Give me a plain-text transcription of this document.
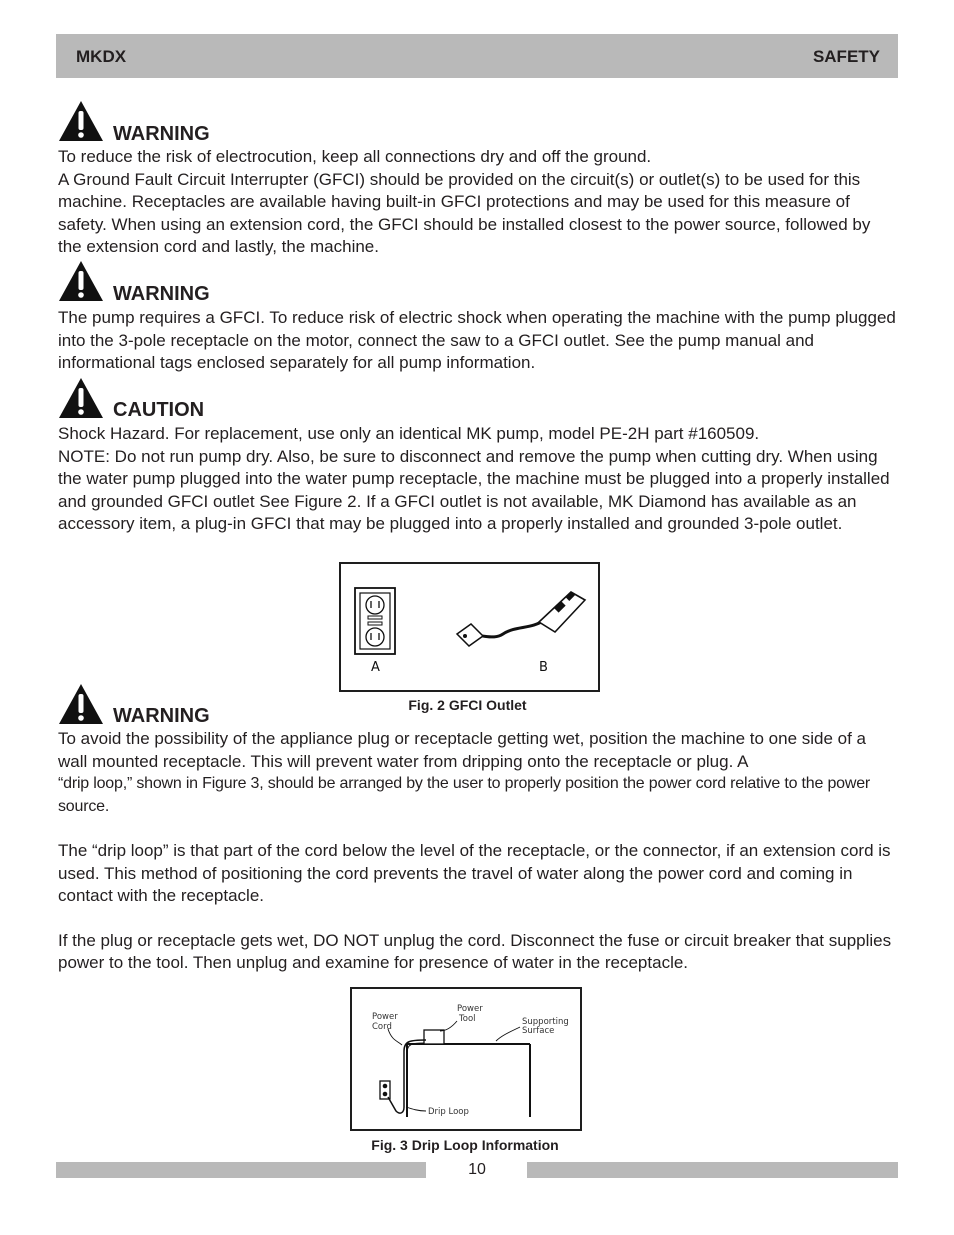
MKDX	SAFETY
WARNING

To reduce the risk of electrocution, keep all connections dry and off the ground.

A Ground Fault Circuit Interrupter (GFCI) should be provided on the circuit(s) or outlet(s) to be used for this machine. Receptacles are available having built-in GFCI protections and may be used for this measure of safety. When using an extension cord, the GFCI should be installed closest to the power source, followed by the extension cord and lastly, the machine.

WARNING

The pump requires a GFCI. To reduce risk of electric shock when operating the machine with the pump plugged into the 3-pole receptacle on the motor, connect the saw to a GFCI outlet. See the pump manual and informational tags enclosed separately for all pump information.

CAUTION

Shock Hazard. For replacement, use only an identical MK pump, model PE-2H part #160509.

NOTE: Do not run pump dry. Also, be sure to disconnect and remove the pump when cutting dry. When using the water pump plugged into the water pump receptacle, the machine must be plugged into a properly installed and grounded GFCI outlet See Figure 2. If a GFCI outlet is not available, MK Diamond has available as an accessory item, a plug-in GFCI that may be plugged into a properly installed and grounded 3-pole outlet.

A	B
Fig. 2 GFCI Outlet
WARNING

To avoid the possibility of the appliance plug or receptacle getting wet, position the machine to one side of a wall mounted receptacle. This will prevent water from dripping onto the receptacle or plug. A

“drip loop,” shown in Figure 3, should be arranged by the user to properly position the power cord relative to the power source.

The “drip loop” is that part of the cord below the level of the receptacle, or the connector, if an extension cord is used. This method of positioning the cord prevents the travel of water along the power cord and coming in contact with the receptacle.

If the plug or receptacle gets wet, DO NOT unplug the cord. Disconnect the fuse or circuit breaker that supplies power to the tool. Then unplug and examine for presence of water in the receptacle.

Power
Cord
Power
Tool	Supporting
Surface
Drip Loop
Fig. 3 Drip Loop Information
10
